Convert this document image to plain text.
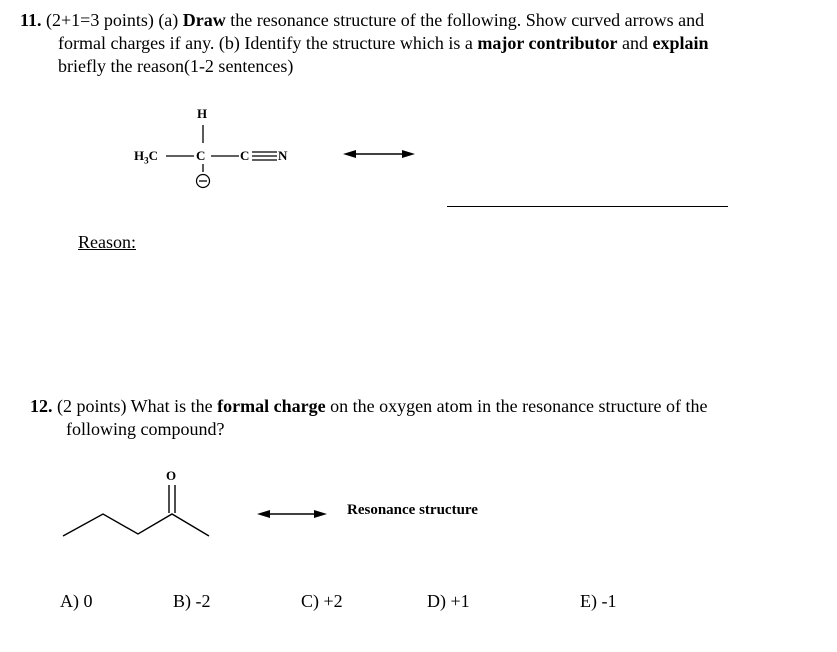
11. (2+1=3 points) (a) Draw the resonance structure of the following. Show curved arrows and
formal charges if any. (b) Identify the structure which is a major contributor and explain
briefly the reason(1-2 sentences)
H
$H_3C$	C	C N
Reason:
12. (2 points) What is the formal charge on the oxygen atom in the resonance structure of the
following compound?
O
Resonance structure
A) 0	B) -2	C) +2	D) +1	E) -1
